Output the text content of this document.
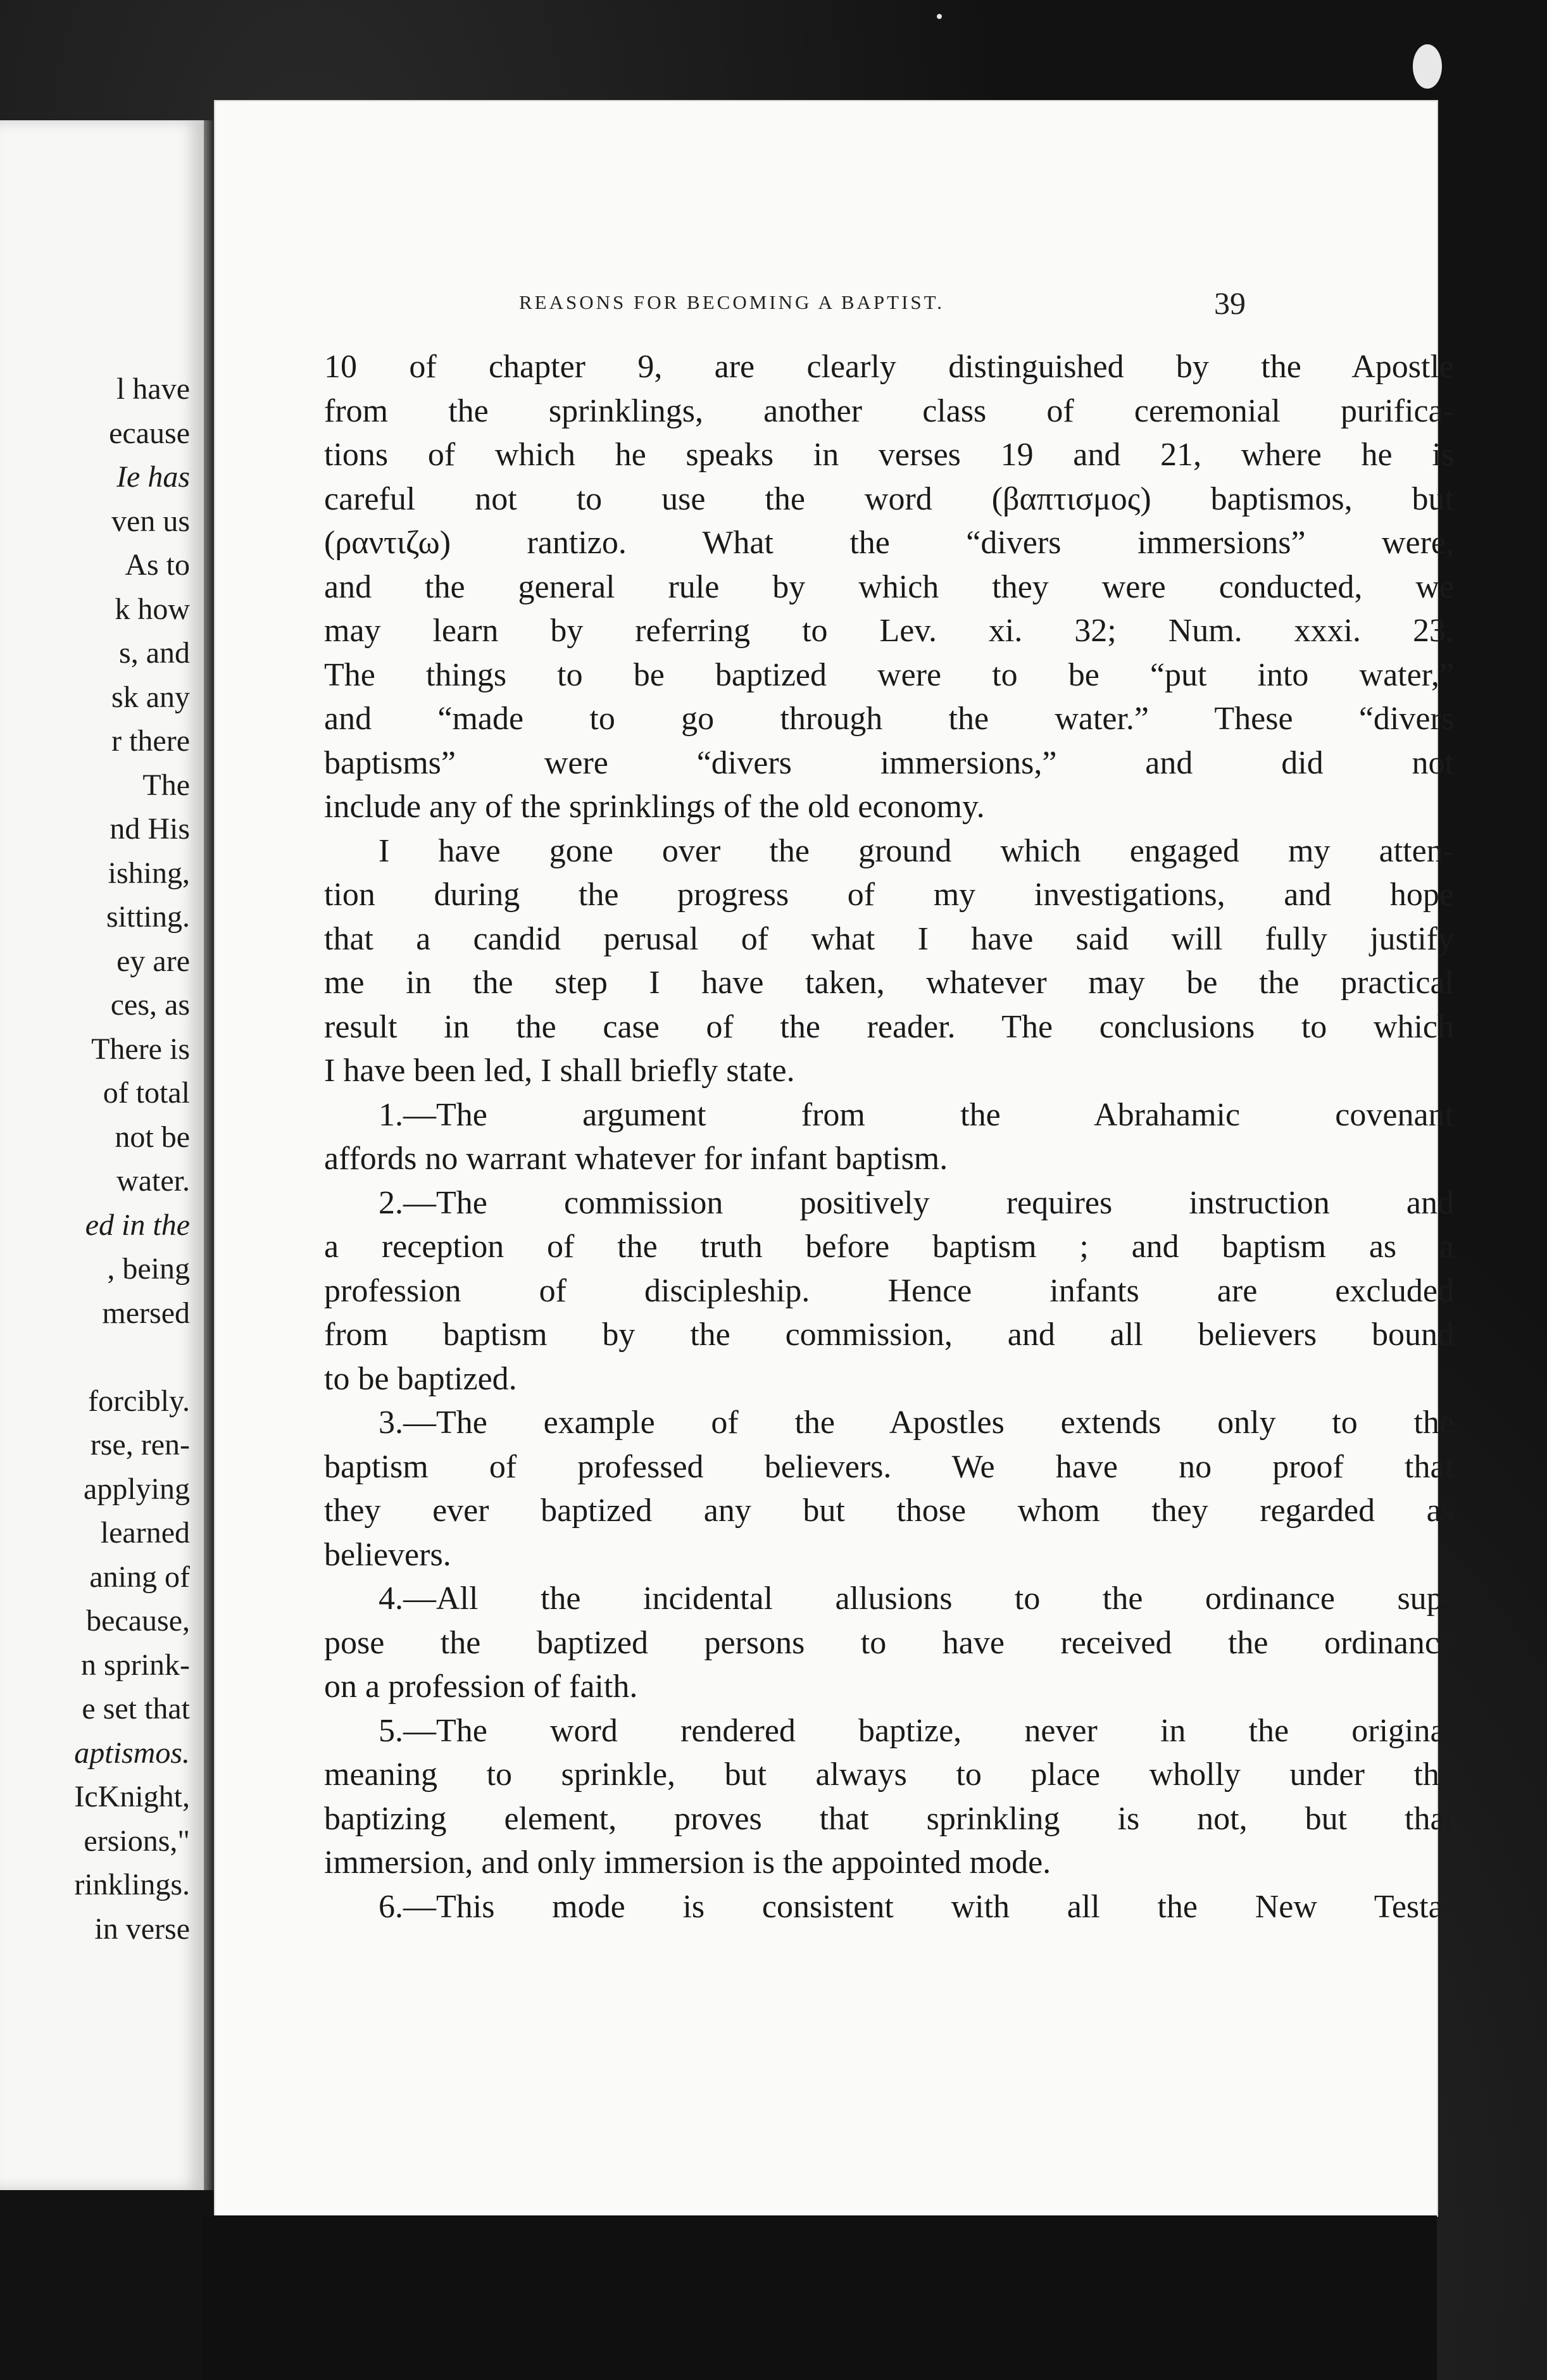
l have
ecause
Ie has
ven us
As to
k how
s, and
sk any
r there
The
nd His
ishing,
sitting.
ey are
ces, as
There is
of total
not be
water.
ed in the
, being
mersed
forcibly.
rse, ren-
applying
learned
aning of
because,
n sprink-
e set that
aptismos.
IcKnight,
ersions,"
rinklings.
in verse
REASONS FOR BECOMING A BAPTIST.	39
10 of chapter 9, are clearly distinguished by the Apostle
from the sprinklings, another class of ceremonial purifica-
tions of which he speaks in verses 19 and 21, where he is
careful not to use the word (βαπτισμος) baptismos, but
(ραντιζω) rantizo. What the “divers immersions” were,
and the general rule by which they were conducted, we
may learn by referring to Lev. xi. 32; Num. xxxi. 23.
The things to be baptized were to be “put into water,”
and “made to go through the water.” These “divers
baptisms” were “divers immersions,” and did not
include any of the sprinklings of the old economy.
I have gone over the ground which engaged my atten-
tion during the progress of my investigations, and hope
that a candid perusal of what I have said will fully justify
me in the step I have taken, whatever may be the practical
result in the case of the reader. The conclusions to which
I have been led, I shall briefly state.
1.—The argument from the Abrahamic covenant
affords no warrant whatever for infant baptism.
2.—The commission positively requires instruction and
a reception of the truth before baptism ; and baptism as a
profession of discipleship. Hence infants are excluded
from baptism by the commission, and all believers bound
to be baptized.
3.—The example of the Apostles extends only to the
baptism of professed believers. We have no proof that
they ever baptized any but those whom they regarded as
believers.
4.—All the incidental allusions to the ordinance sup-
pose the baptized persons to have received the ordinance
on a profession of faith.
5.—The word rendered baptize, never in the original
meaning to sprinkle, but always to place wholly under the
baptizing element, proves that sprinkling is not, but that
immersion, and only immersion is the appointed mode.
6.—This mode is consistent with all the New Testa-
